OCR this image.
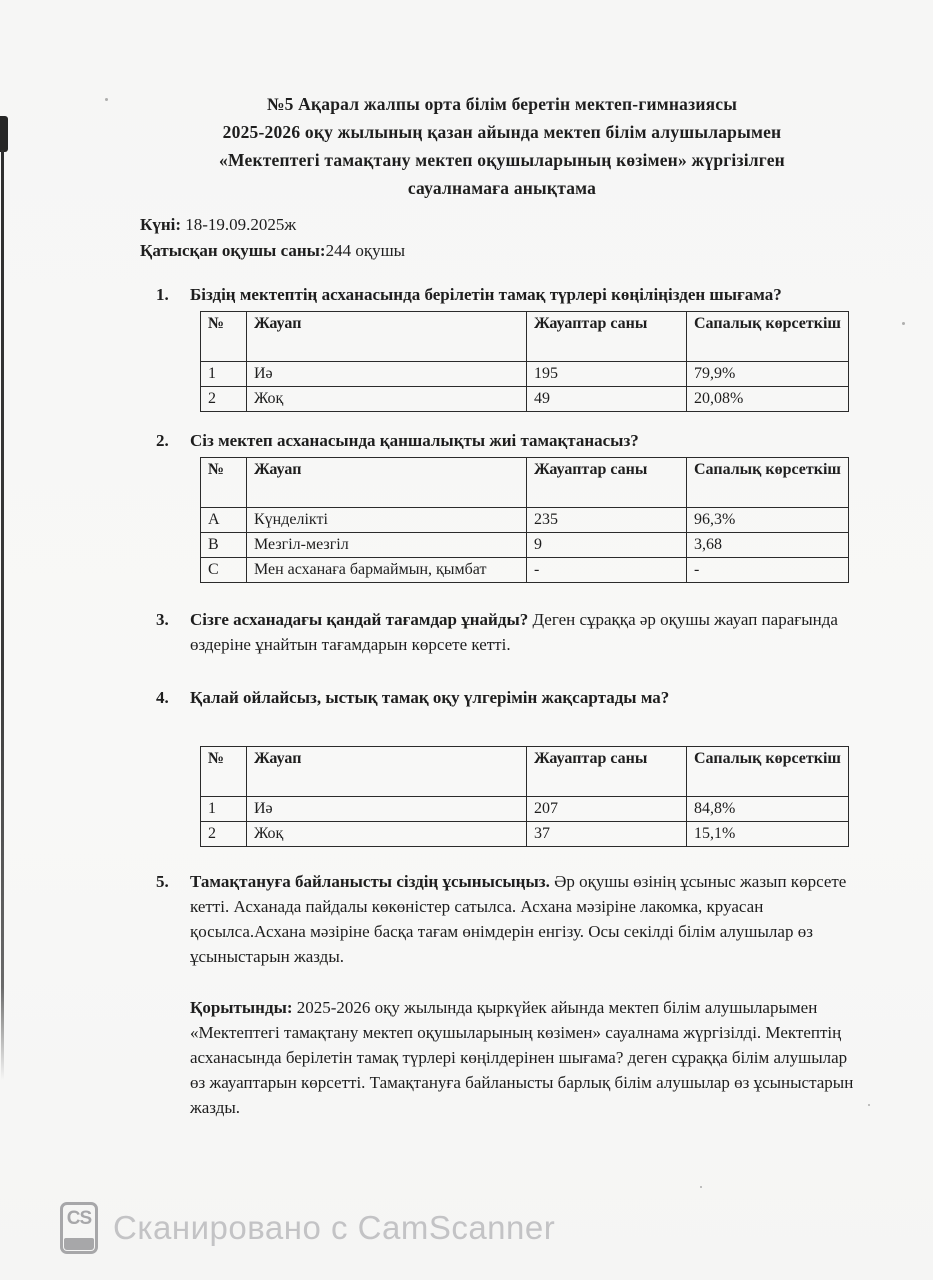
№5 Ақарал жалпы орта білім беретін мектеп-гимназиясы
2025-2026 оқу жылының қазан айында мектеп білім алушыларымен
«Мектептегі тамақтану мектеп оқушыларының көзімен» жүргізілген
сауалнамаға анықтама
Күні: 18-19.09.2025ж
Қатысқан оқушы саны:244 оқушы
1. Біздің мектептің асханасында берілетін тамақ түрлері көңіліңізден шығама?
№	Жауап	Жауаптар саны	Сапалық көрсеткіш
1	Иә	195	79,9%
2	Жоқ	49	20,08%
2. Сіз мектеп асханасында қаншалықты жиі тамақтанасыз?
№	Жауап	Жауаптар саны	Сапалық көрсеткіш
A	Күнделікті	235	96,3%
B	Мезгіл-мезгіл	9	3,68
C	Мен асханаға бармаймын, қымбат	-	-
3. Сізге асханадағы қандай тағамдар ұнайды? Деген сұраққа әр оқушы жауап парағында өздеріне ұнайтын тағамдарын көрсете кетті.
4. Қалай ойлайсыз, ыстық тамақ оқу үлгерімін жақсартады ма?
№	Жауап	Жауаптар саны	Сапалық көрсеткіш
1	Иә	207	84,8%
2	Жоқ	37	15,1%
5. Тамақтануға байланысты сіздің ұсынысыңыз. Әр оқушы өзінің ұсыныс жазып көрсете кетті. Асханада пайдалы көкөністер сатылса. Асхана мәзіріне лакомка, круасан қосылса.Асхана мәзіріне басқа тағам өнімдерін енгізу. Осы секілді білім алушылар өз ұсыныстарын жазды.
Қорытынды: 2025-2026 оқу жылында қыркүйек айында мектеп білім алушыларымен «Мектептегі тамақтану мектеп оқушыларының көзімен» сауалнама жүргізілді. Мектептің асханасында берілетін тамақ түрлері көңілдерінен шығама? деген сұраққа білім алушылар өз жауаптарын көрсетті. Тамақтануға байланысты барлық білім алушылар өз ұсыныстарын жазды.
CS Сканировано с CamScanner
